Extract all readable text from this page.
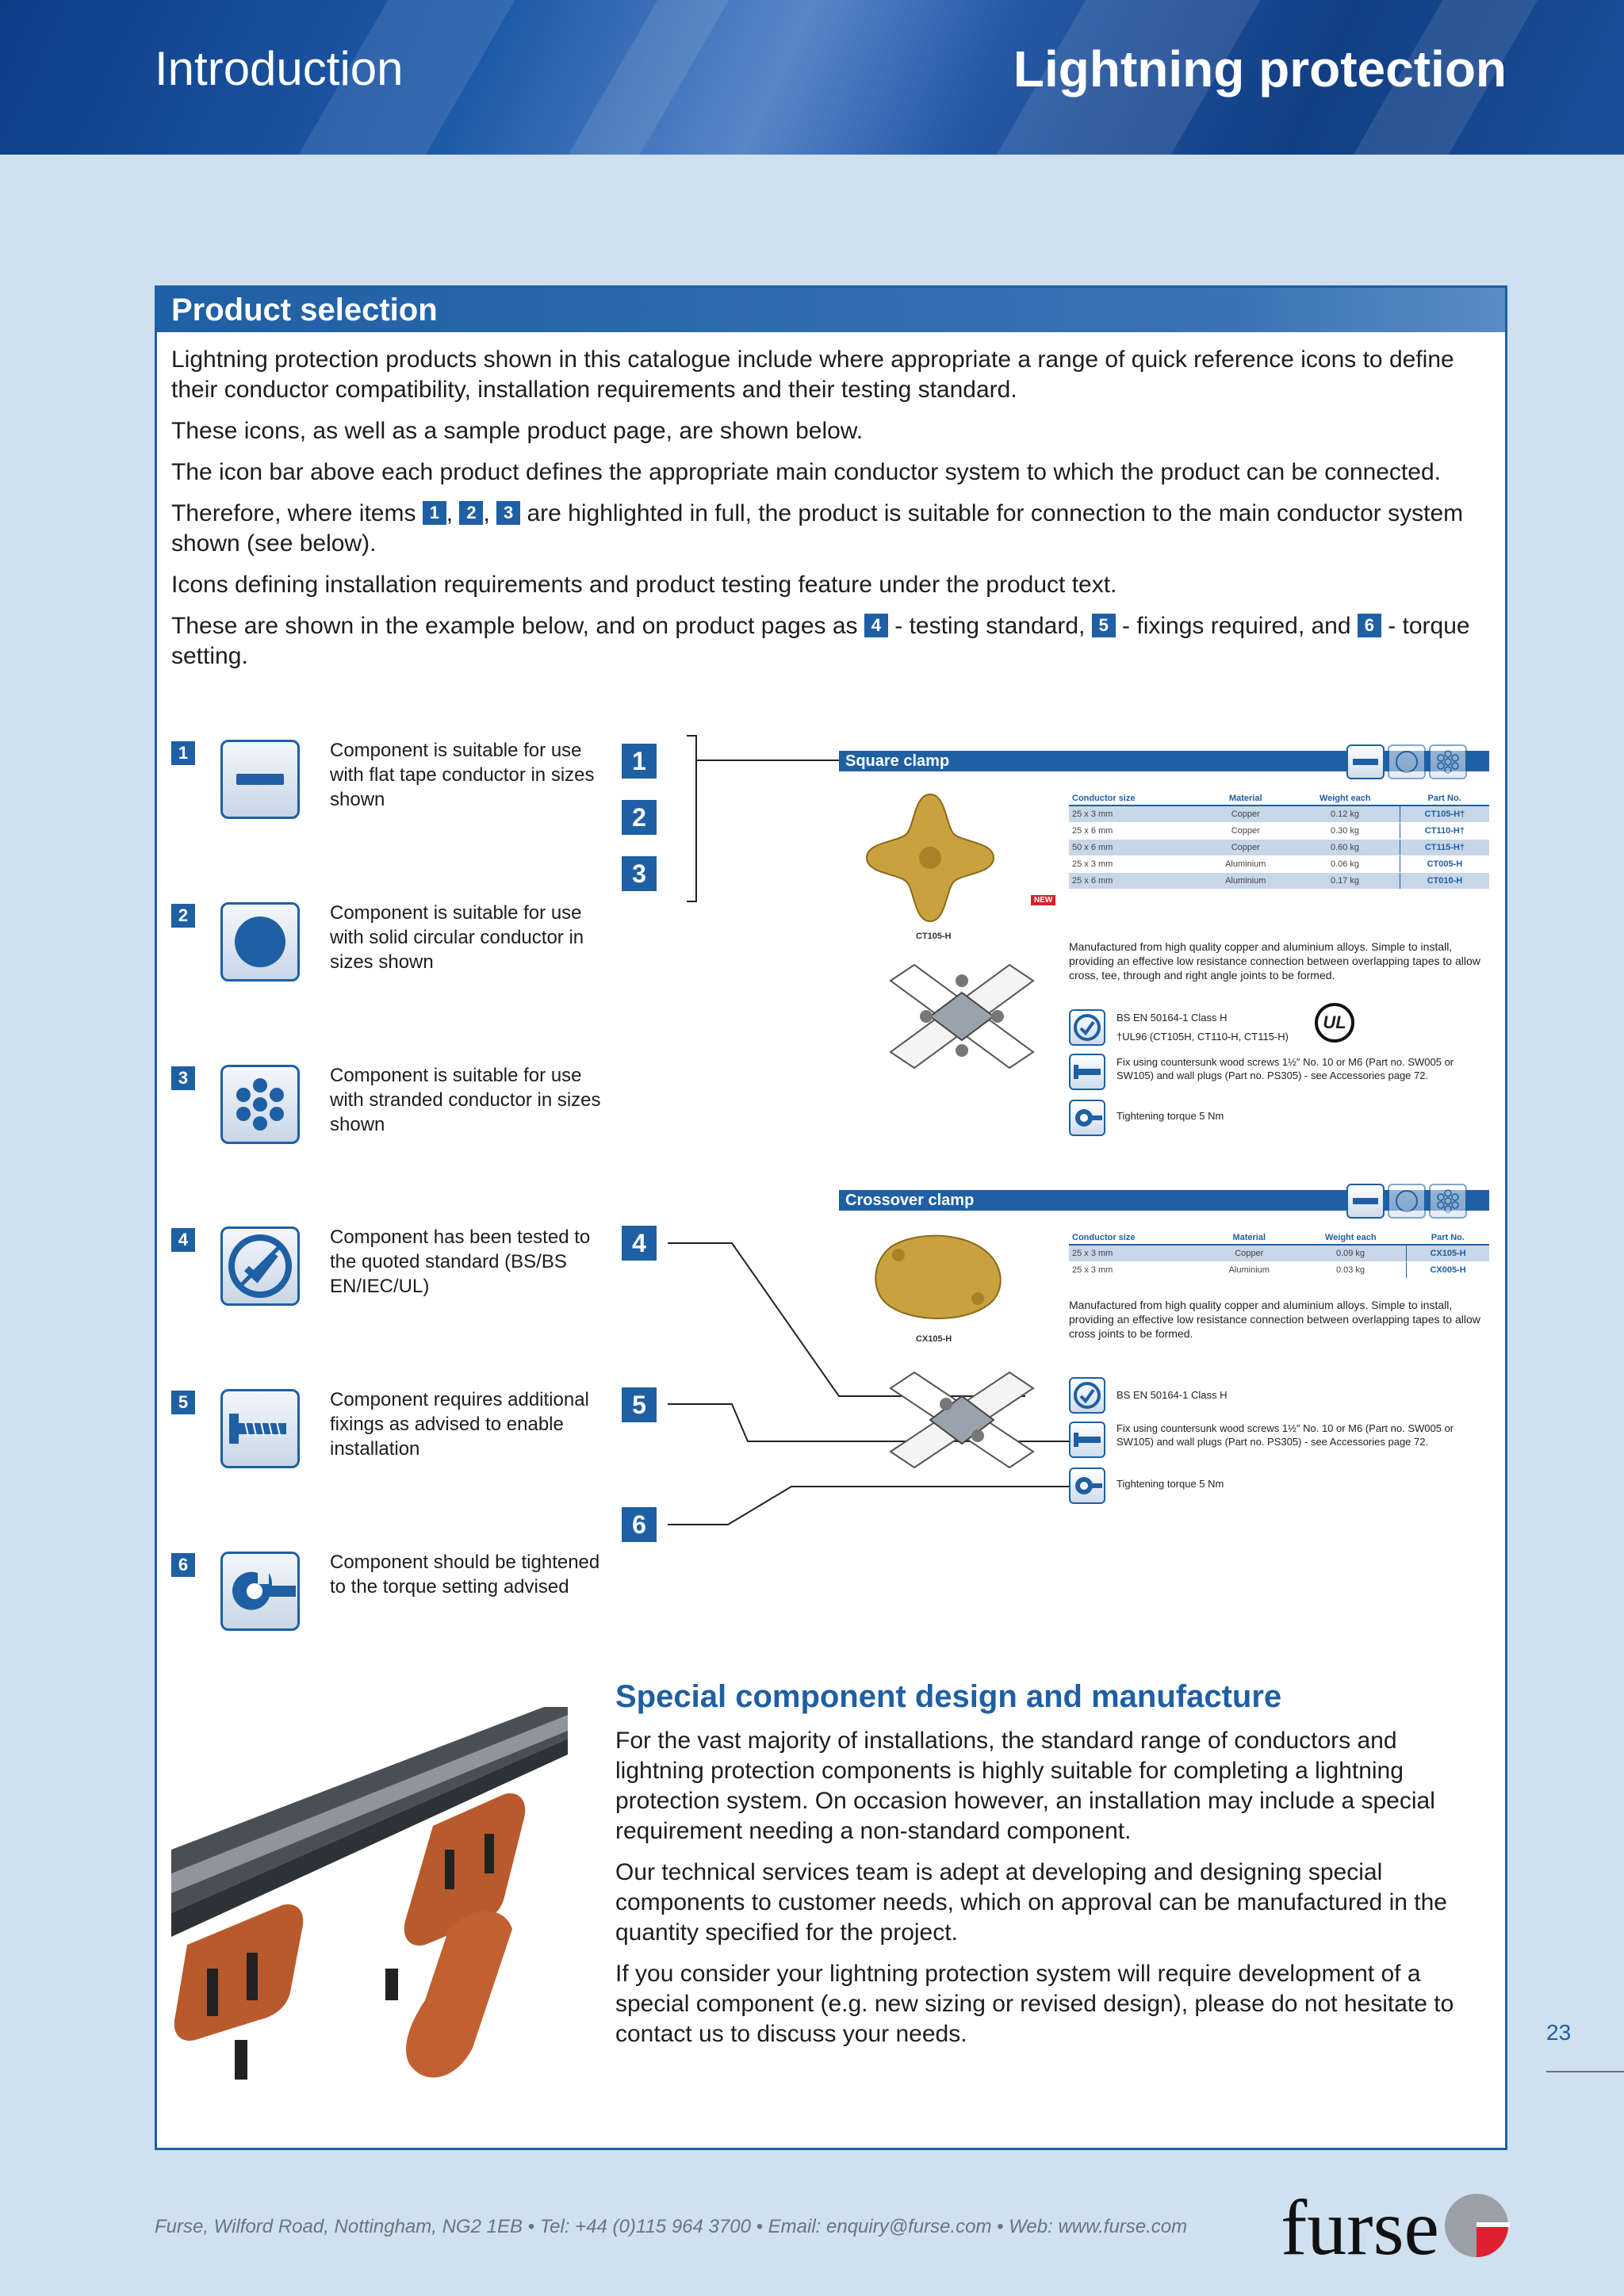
Introduction	Lightning protection
Product selection

Lightning protection products shown in this catalogue include where appropriate a range of quick reference icons to define their conductor compatibility, installation requirements and their testing standard.

These icons, as well as a sample product page, are shown below.

The icon bar above each product defines the appropriate main conductor system to which the product can be connected.

Therefore, where items 1 , 2 , 3 are highlighted in full, the product is suitable for connection to the main conductor system shown (see below).

Icons defining installation requirements and product testing feature under the product text.

These are shown in the example below, and on product pages as 4 - testing standard, 5 - fixings required, and 6 - torque setting.

1	Component is suitable for use with flat tape conductor in sizes shown
2	Component is suitable for use with solid circular conductor in sizes shown
3	Component is suitable for use with stranded conductor in sizes shown
4	Component has been tested to the quoted standard (BS/BS EN/IEC/UL)
5	Component requires additional fixings as advised to enable installation
6	Component should be tightened to the torque setting advised
1
2
3
4
5
6
Square clamp
CT105-H
Conductor size	Material	Weight each	Part No.
25 x 3 mm	Copper	0.12 kg	CT105-H†
25 x 6 mm	Copper	0.30 kg	CT110-H†
50 x 6 mm	Copper	0.60 kg	CT115-H†
25 x 3 mm	Aluminium	0.06 kg	CT005-H
25 x 6 mm	Aluminium	0.17 kg	CT010-H
NEW
Manufactured from high quality copper and aluminium alloys. Simple to install, providing an effective low resistance connection between overlapping tapes to allow cross, tee, through and right angle joints to be formed.
BS EN 50164-1 Class H
†UL96 (CT105H, CT110-H, CT115-H)
UL
Fix using countersunk wood screws 1½″ No. 10 or M6 (Part no. SW005 or SW105) and wall plugs (Part no. PS305) - see Accessories page 72.
Tightening torque 5 Nm
Crossover clamp
CX105-H
Conductor size	Material	Weight each	Part No.
25 x 3 mm	Copper	0.09 kg	CX105-H
25 x 3 mm	Aluminium	0.03 kg	CX005-H
Manufactured from high quality copper and aluminium alloys. Simple to install, providing an effective low resistance connection between overlapping tapes to allow cross joints to be formed.
BS EN 50164-1 Class H
Fix using countersunk wood screws 1½″ No. 10 or M6 (Part no. SW005 or SW105) and wall plugs (Part no. PS305) - see Accessories page 72.
Tightening torque 5 Nm
Special component design and manufacture

For the vast majority of installations, the standard range of conductors and lightning protection components is highly suitable for completing a lightning protection system. On occasion however, an installation may include a special requirement needing a non-standard component.

Our technical services team is adept at developing and designing special components to customer needs, which on approval can be manufactured in the quantity specified for the project.

If you consider your lightning protection system will require development of a special component (e.g. new sizing or revised design), please do not hesitate to contact us to discuss your needs.	23
Furse, Wilford Road, Nottingham, NG2 1EB • Tel: +44 (0)115 964 3700 • Email: enquiry@furse.com • Web: www.furse.com furse
